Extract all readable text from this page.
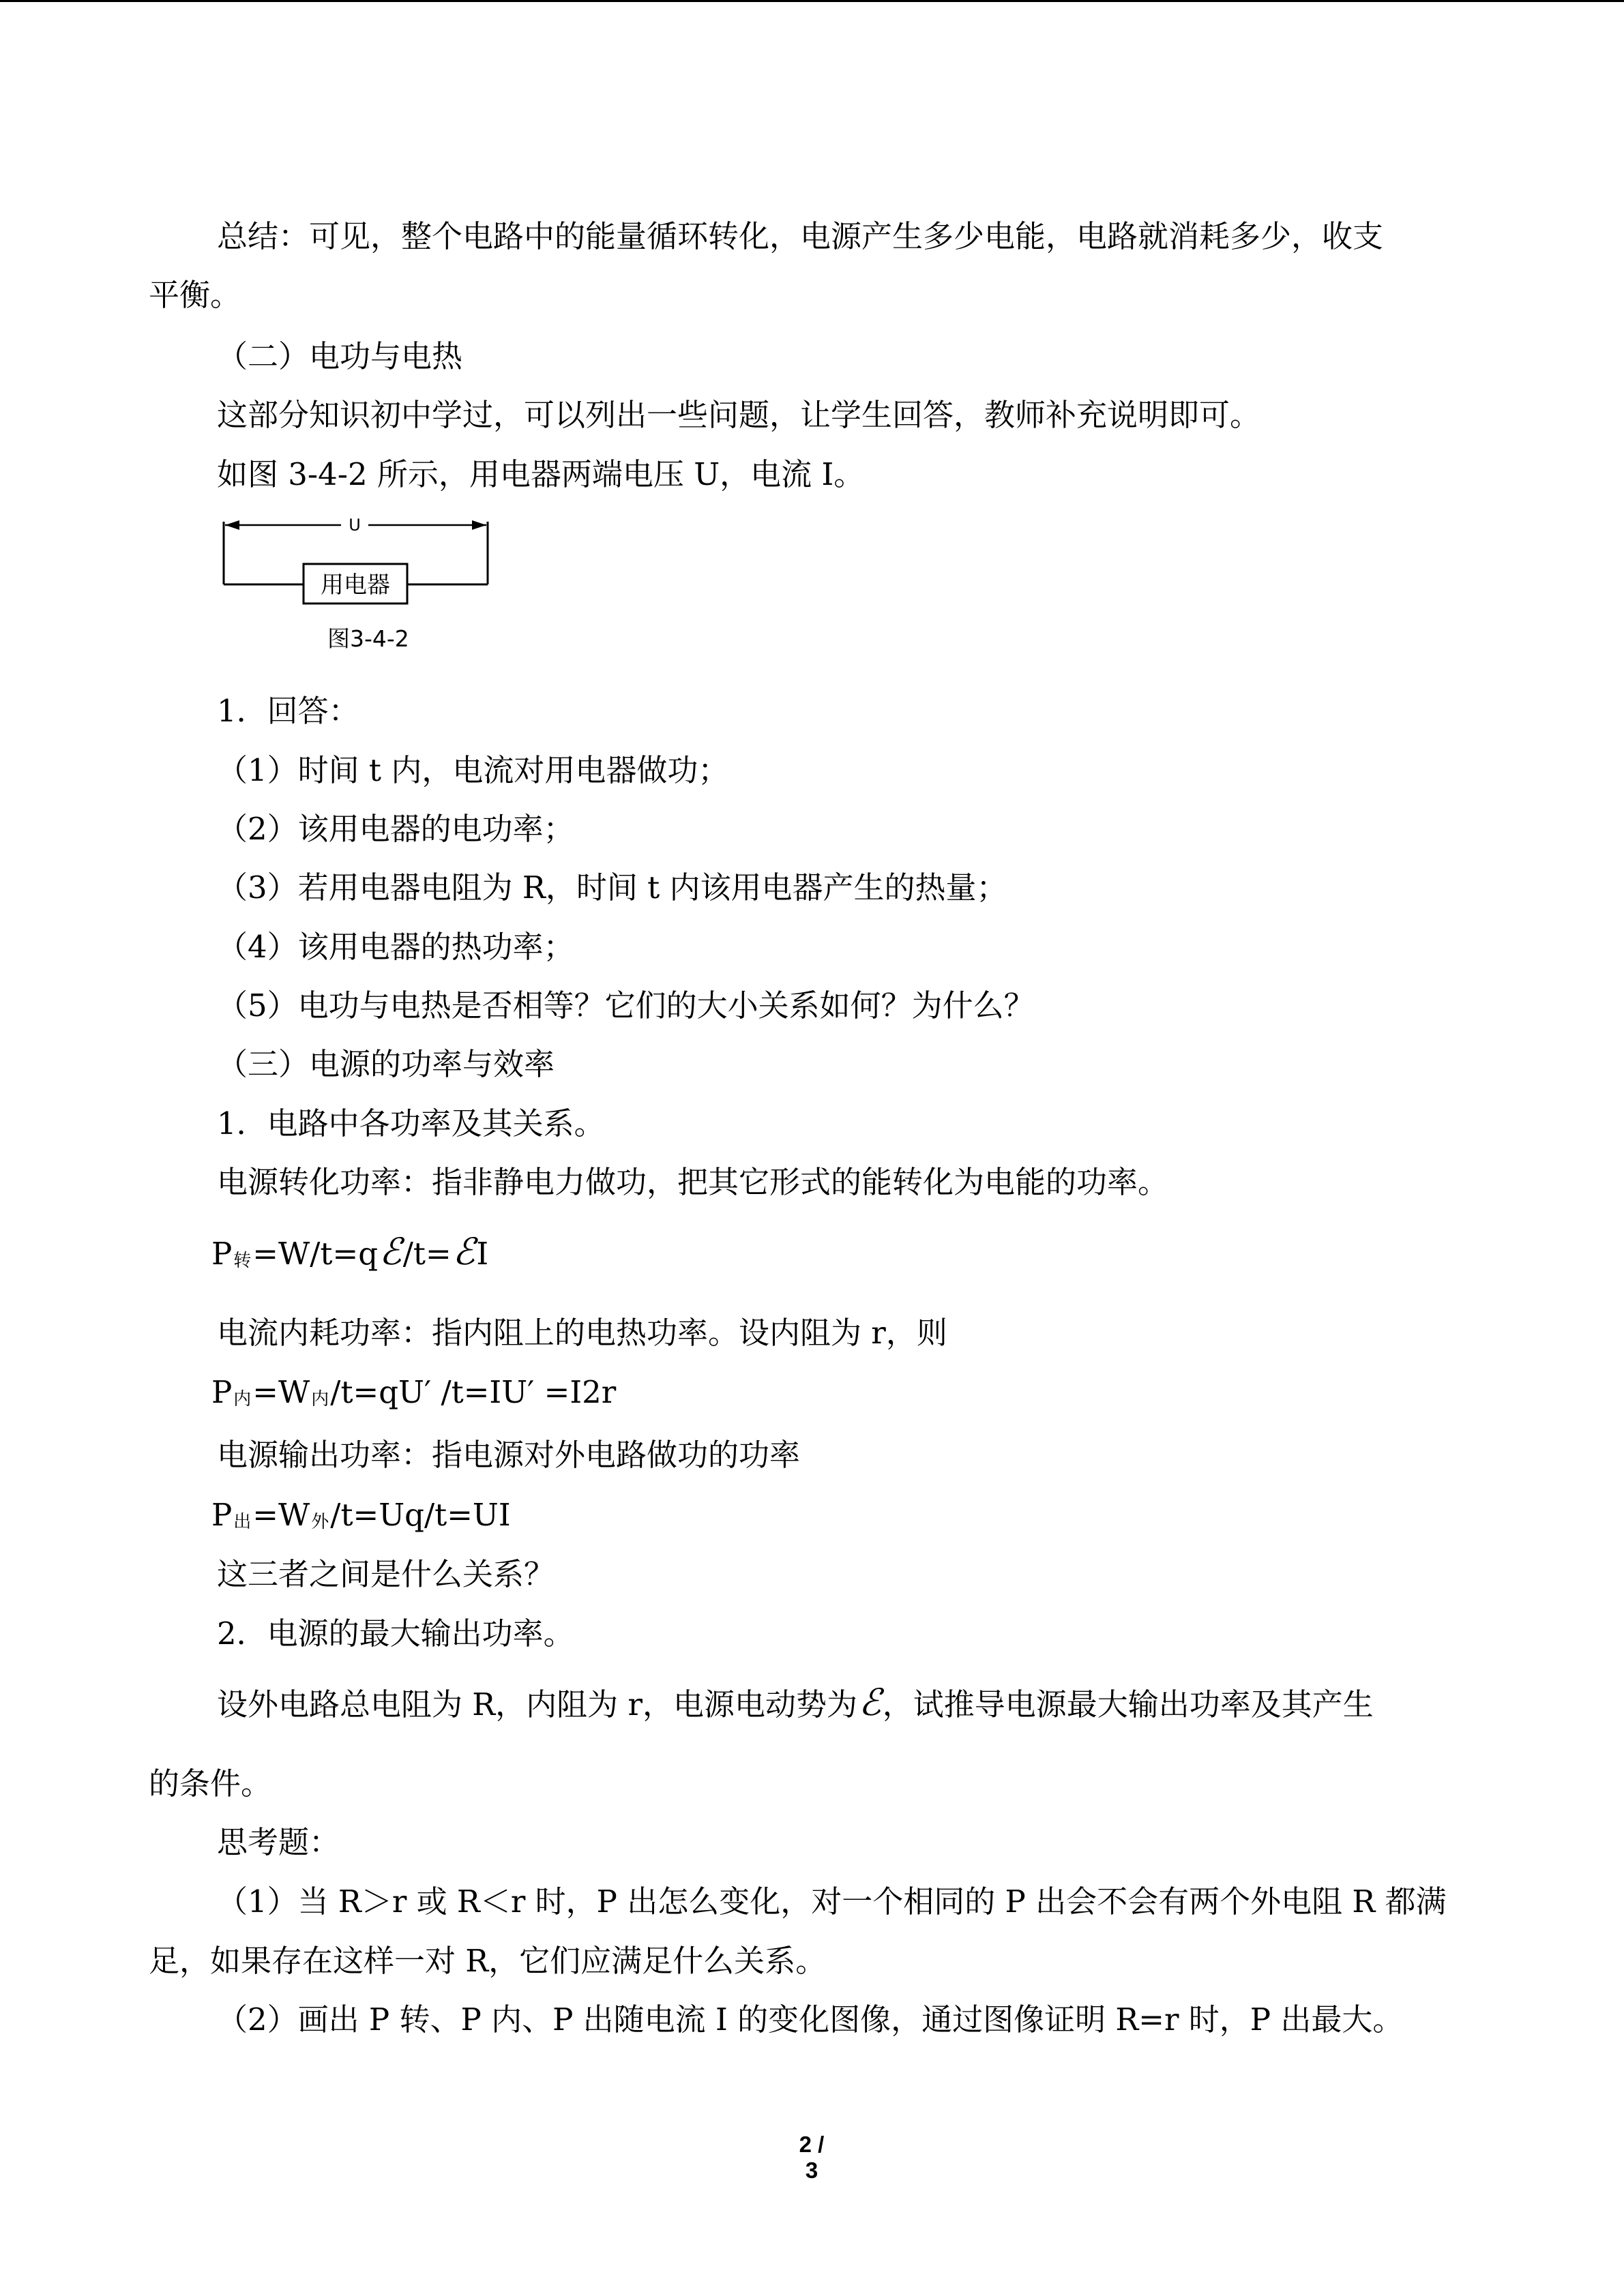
总结：可见，整个电路中的能量循环转化，电源产生多少电能，电路就消耗多少，收支
平衡。
（二）电功与电热
这部分知识初中学过，可以列出一些问题，让学生回答，教师补充说明即可。
如图 3-4-2 所示，用电器两端电压 U，电流 I。
U
用电器
图3-4-2
1．回答：
（1）时间 t 内，电流对用电器做功；
（2）该用电器的电功率；
（3）若用电器电阻为 R，时间 t 内该用电器产生的热量；
（4）该用电器的热功率；
（5）电功与电热是否相等？它们的大小关系如何？为什么？
（三）电源的功率与效率
1．电路中各功率及其关系。
电源转化功率：指非静电力做功，把其它形式的能转化为电能的功率。
P转=W/t=qℰ/t=ℰI
电流内耗功率：指内阻上的电热功率。设内阻为 r，则
P内=W内/t=qU′ /t=IU′ =I2r
电源输出功率：指电源对外电路做功的功率
P出=W外/t=Uq/t=UI
这三者之间是什么关系？
2．电源的最大输出功率。
设外电路总电阻为 R，内阻为 r，电源电动势为ℰ，试推导电源最大输出功率及其产生
的条件。
思考题：
（1）当 R＞r 或 R＜r 时，P 出怎么变化，对一个相同的 P 出会不会有两个外电阻 R 都满
足，如果存在这样一对 R，它们应满足什么关系。
（2）画出 P 转、P 内、P 出随电流 I 的变化图像，通过图像证明 R=r 时，P 出最大。
2 / 3
